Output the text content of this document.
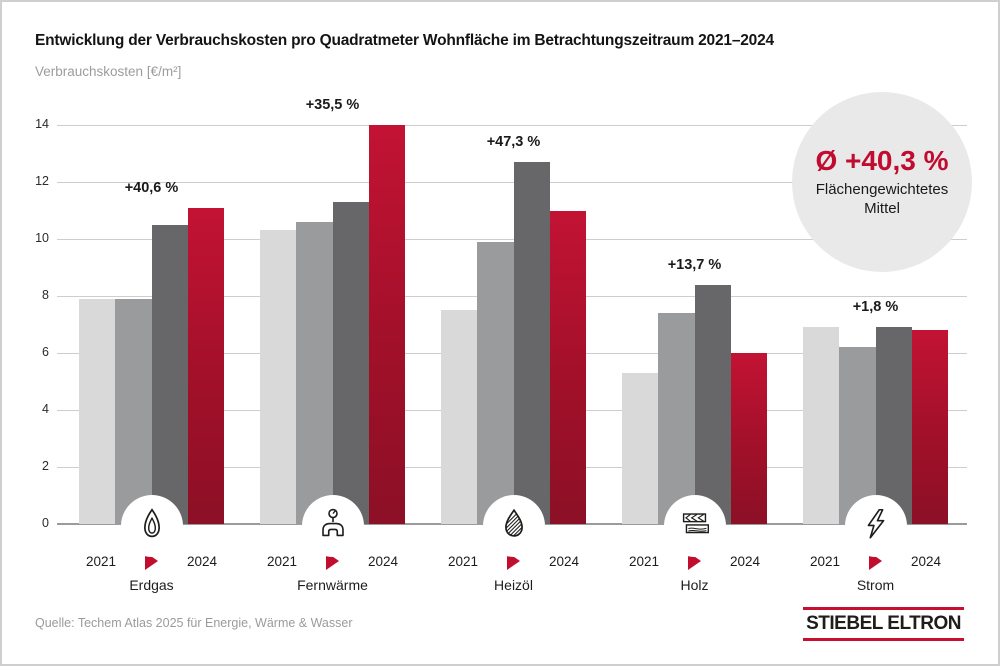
Entwicklung der Verbrauchskosten pro Quadratmeter Wohnfläche im Betrachtungszeitraum 2021–2024
Verbrauchskosten [€/m²]
0
2
4
6
8
10
12
14
+40,6 %
2021	2024
Erdgas
+35,5 %
2021	2024
Fernwärme
+47,3 %
2021	2024
Heizöl
+13,7 %
2021	2024
Holz
+1,8 %
2021	2024
Strom
Ø +40,3 %
Flächengewichtetes
Mittel
Quelle: Techem Atlas 2025 für Energie, Wärme & Wasser	STIEBEL ELTRON
